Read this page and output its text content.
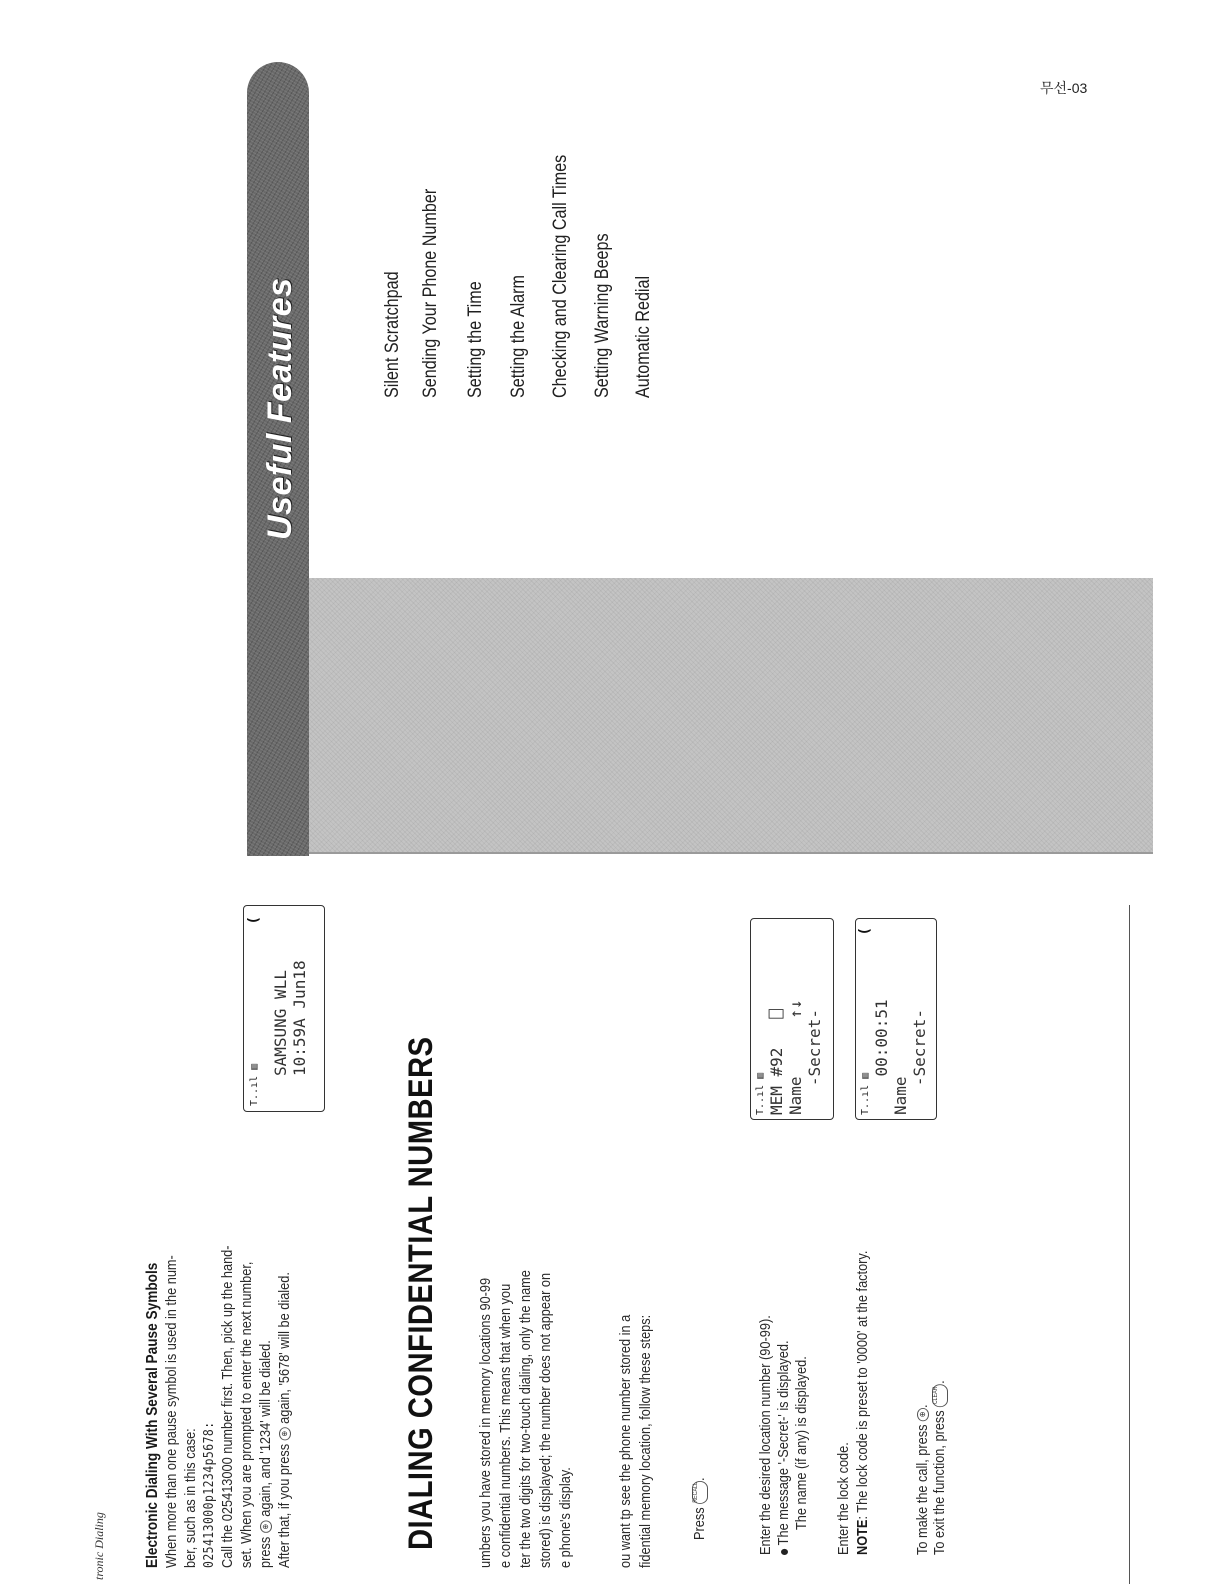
Useful Features
무선-03
Silent Scratchpad Sending Your Phone Number Setting the Time Setting the Alarm Checking and Clearing Call Times Setting Warning Beeps Automatic Redial
tronic Dialing Electronic Dialing With Several Pause Symbols When more than one pause symbol is used in the num- ber, such as in this case: 025413000p1234p5678: Call the 025413000 number first. Then, pick up the hand- set. When you are prompted to enter the next number, press ⊕ again, and '1234' will be dialed. After that, if you press ⊕ again, '5678' will be dialed.
T..ıl ▥
(
SAMSUNG WLL 10:59A Jun18
DIALING CONFIDENTIAL NUMBERS	umbers you have stored in memory locations 90-99 e confidential numbers. This means that when you ter the two digits for two-touch dialing, only the name stored) is displayed; the number does not appear on e phone's display.	ou want tp see the phone number stored in a fidential memory location, follow these steps:	Press RECALL.	Enter the desired location number (90-99). The message '-Secret-' is displayed. The name (if any) is displayed.
T..ıl ▥ MEM #92   ⎕ Name      ↑↓ -Secret-
Enter the lock code. NOTE: The lock code is preset to '0000' at the factory.
T..ıl ▥
(
00:00:51 Name -Secret-
To make the call, press ⊕.
To exit the function, press CLEAR.
